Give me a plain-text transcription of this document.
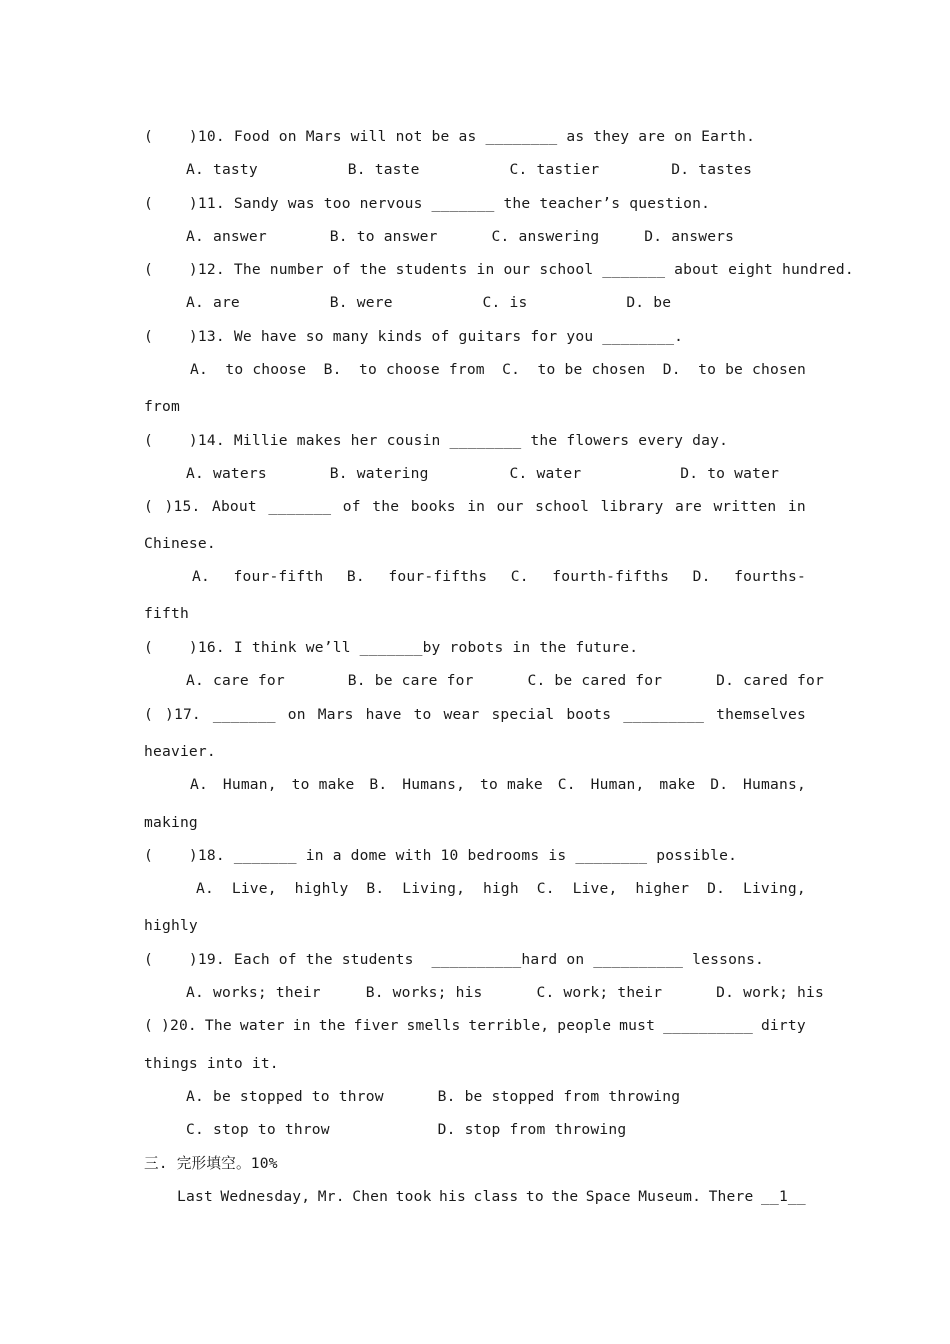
(    )10. Food on Mars will not be as ________ as they are on Earth.
A. tasty          B. taste          C. tastier        D. tastes
(    )11. Sandy was too nervous _______ the teacher’s question.
A. answer       B. to answer      C. answering     D. answers
(    )12. The number of the students in our school _______ about eight hundred.
A. are          B. were          C. is           D. be
(    )13. We have so many kinds of guitars for you ________.
A. to choose B. to choose from C. to be chosen D. to be chosen
from
(    )14. Millie makes her cousin ________ the flowers every day.
A. waters       B. watering         C. water           D. to water
( )15. About _______ of the books in our school library are written in
Chinese.
A. four-fifth B. four-fifths C. fourth-fifths D. fourths-
fifth
(    )16. I think we’ll _______by robots in the future.
A. care for       B. be care for      C. be cared for      D. cared for
( )17. _______ on Mars have to wear special boots _________ themselves
heavier.
A. Human, to make B. Humans, to make C. Human, make D. Humans,
making
(    )18. _______ in a dome with 10 bedrooms is ________ possible.
A. Live, highly B. Living, high C. Live, higher D. Living,
highly
(    )19. Each of the students  __________hard on __________ lessons.
A. works; their     B. works; his      C. work; their      D. work; his
( )20. The water in the fiver smells terrible, people must __________ dirty
things into it.
A. be stopped to throw      B. be stopped from throwing
C. stop to throw            D. stop from throwing
三. 完形填空。10%
Last Wednesday, Mr. Chen took his class to the Space Museum. There __1__
